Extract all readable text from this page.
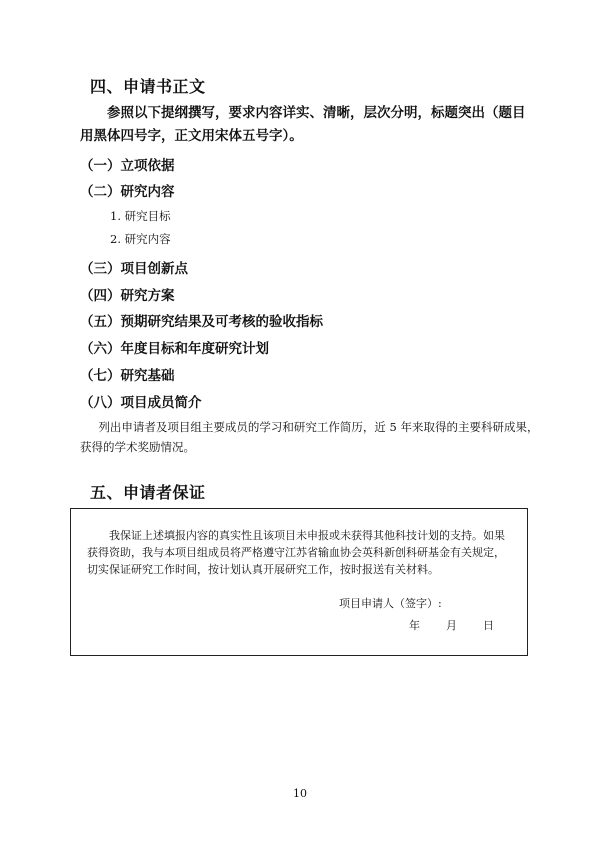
四、申请书正文
参照以下提纲撰写，要求内容详实、清晰，层次分明，标题突出（题目用黑体四号字，正文用宋体五号字）。
（一）立项依据
（二）研究内容
1. 研究目标
2. 研究内容
（三）项目创新点
（四）研究方案
（五）预期研究结果及可考核的验收指标
（六）年度目标和年度研究计划
（七）研究基础
（八）项目成员简介
列出申请者及项目组主要成员的学习和研究工作简历，近 5 年来取得的主要科研成果，获得的学术奖励情况。
五、申请者保证
我保证上述填报内容的真实性且该项目未申报或未获得其他科技计划的支持。如果获得资助，我与本项目组成员将严格遵守江苏省输血协会英科新创科研基金有关规定，切实保证研究工作时间，按计划认真开展研究工作，按时报送有关材料。
项目申请人（签字）:
年 月 日
10
